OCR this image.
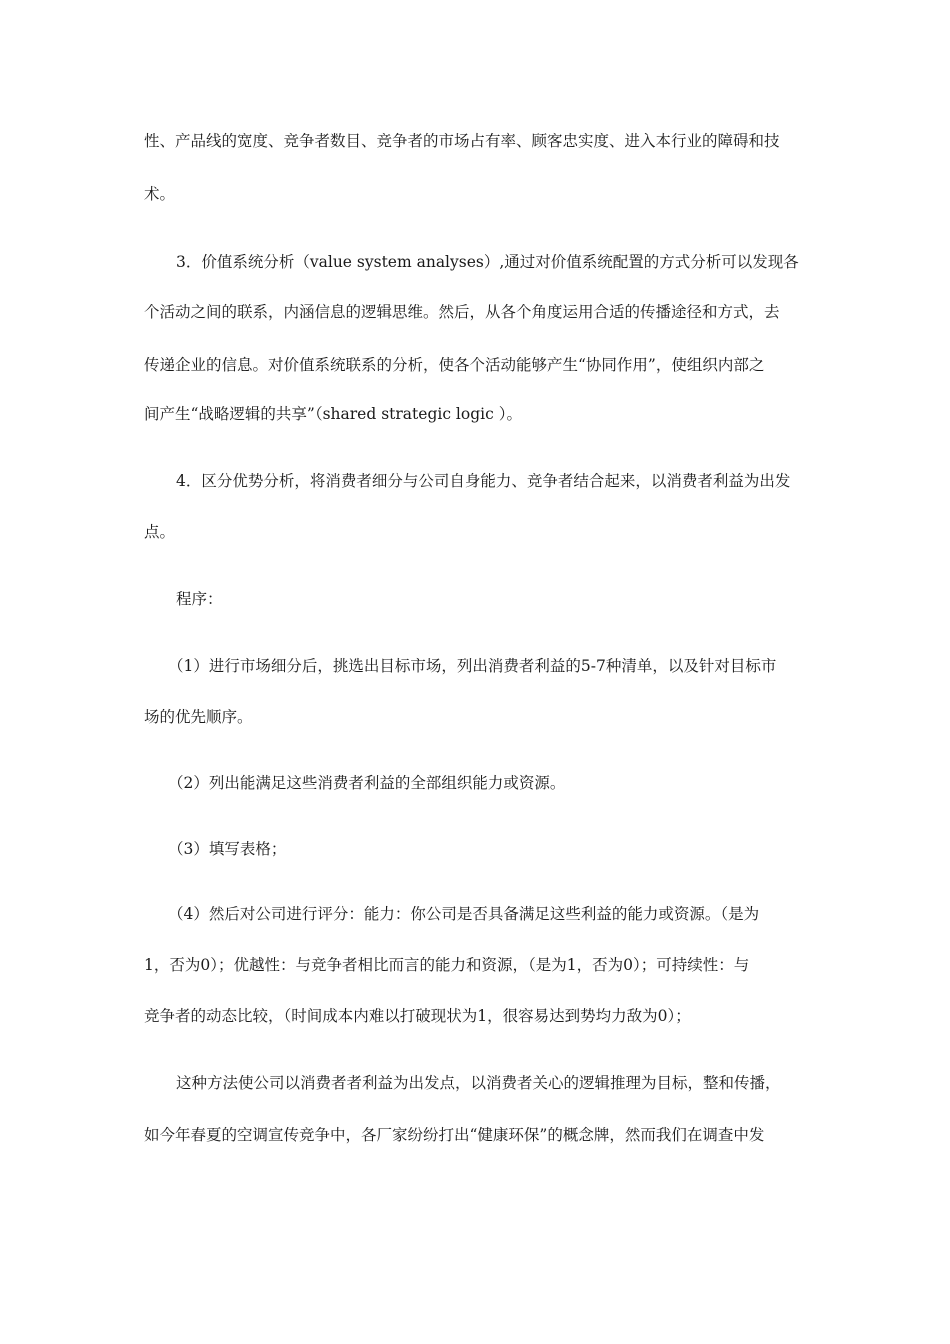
性、产品线的宽度、竞争者数目、竞争者的市场占有率、顾客忠实度、进入本行业的障碍和技
术。
3．价值系统分析（value system analyses）,通过对价值系统配置的方式分析可以发现各
个活动之间的联系，内涵信息的逻辑思维。然后，从各个角度运用合适的传播途径和方式，去
传递企业的信息。对价值系统联系的分析，使各个活动能够产生“协同作用”，使组织内部之
间产生“战略逻辑的共享”（shared strategic logic ）。
4．区分优势分析，将消费者细分与公司自身能力、竞争者结合起来，以消费者利益为出发
点。
程序：
（1）进行市场细分后，挑选出目标市场，列出消费者利益的5-7种清单，以及针对目标市
场的优先顺序。
（2）列出能满足这些消费者利益的全部组织能力或资源。
（3）填写表格；
（4）然后对公司进行评分：能力：你公司是否具备满足这些利益的能力或资源。（是为
1，否为0）；优越性：与竞争者相比而言的能力和资源，（是为1，否为0）；可持续性：与
竞争者的动态比较，（时间成本内难以打破现状为1，很容易达到势均力敌为0）；
这种方法使公司以消费者者利益为出发点，以消费者关心的逻辑推理为目标，整和传播，
如今年春夏的空调宣传竞争中，各厂家纷纷打出“健康环保”的概念牌，然而我们在调查中发
